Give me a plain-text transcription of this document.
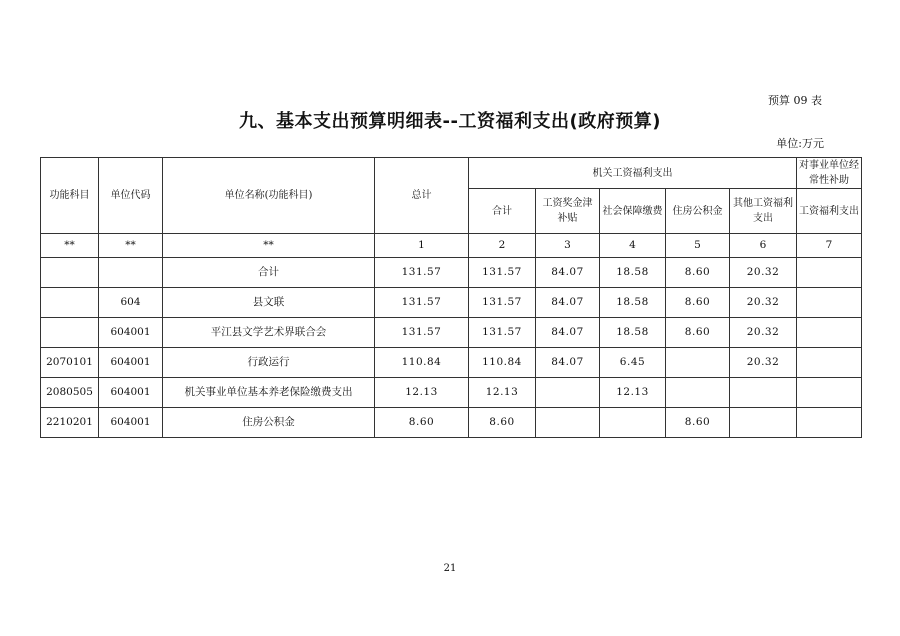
预算 09 表
九、基本支出预算明细表--工资福利支出(政府预算)
单位:万元
功能科目	单位代码	单位名称(功能科目)	总计	机关工资福利支出					对事业单位经常性补助
				合计	工资奖金津补贴	社会保障缴费	住房公积金	其他工资福利支出	工资福利支出
**	**	**	1	2	3	4	5	6	7
		合计	131.57	131.57	84.07	18.58	8.60	20.32	
	604	县文联	131.57	131.57	84.07	18.58	8.60	20.32	
	604001	平江县文学艺术界联合会	131.57	131.57	84.07	18.58	8.60	20.32	
2070101	604001	行政运行	110.84	110.84	84.07	6.45		20.32	
2080505	604001	机关事业单位基本养老保险缴费支出	12.13	12.13		12.13			
2210201	604001	住房公积金	8.60	8.60			8.60		
21
